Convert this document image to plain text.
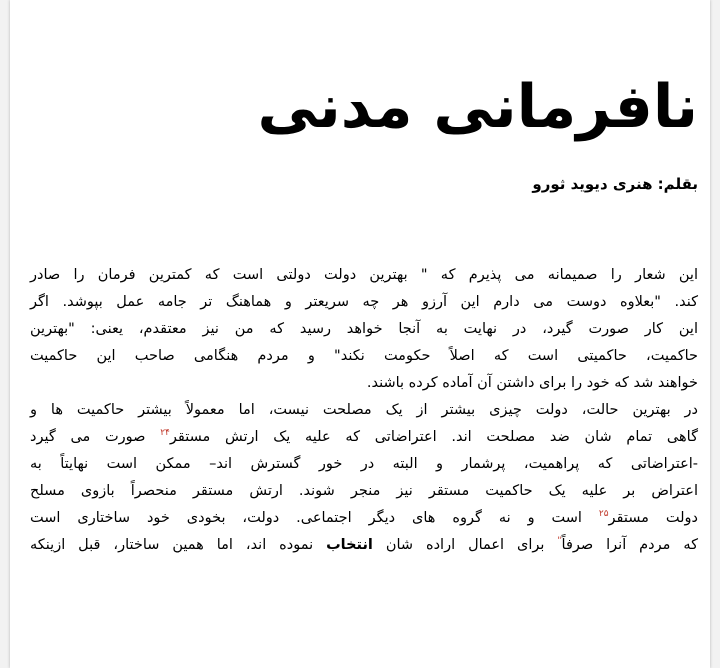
نافرمانی مدنی

بقلم: هنری دیوید ثورو

این شعار را صمیمانه می پذیرم که " بهترین دولت دولتی است که کمترین فرمان را صادر
کند. "بعلاوه دوست می دارم این آرزو هر چه سریعتر و هماهنگ تر جامه عمل بپوشد. اگر
این کار صورت گیرد، در نهایت به آنجا خواهد رسید که من نیز معتقدم، یعنی: "بهترین
حاکمیت، حاکمیتی است که اصلاً حکومت نکند" و مردم هنگامی صاحب این حاکمیت
خواهند شد که خود را برای داشتن آن آماده کرده باشند.
در بهترین حالت، دولت چیزی بیشتر از یک مصلحت نیست، اما معمولاً بیشتر حاکمیت ها و
گاهی تمام شان ضد مصلحت اند. اعتراضاتی که علیه یک ارتش مستقر$^{۲۴}$ صورت می گیرد
-اعتراضاتی که پراهمیت، پرشمار و البته در خور گسترش اند– ممکن است نهایتاً به
اعتراض بر علیه یک حاکمیت مستقر نیز منجر شوند. ارتش مستقر منحصراً بازوی مسلح
دولت مستقر$^{۲۵}$ است و نه گروه های دیگر اجتماعی. دولت، بخودی خود ساختاری است
که مردم آنرا صرفاً‏" برای اعمال اراده شان انتخاب نموده اند، اما همین ساختار، قبل ازینکه
